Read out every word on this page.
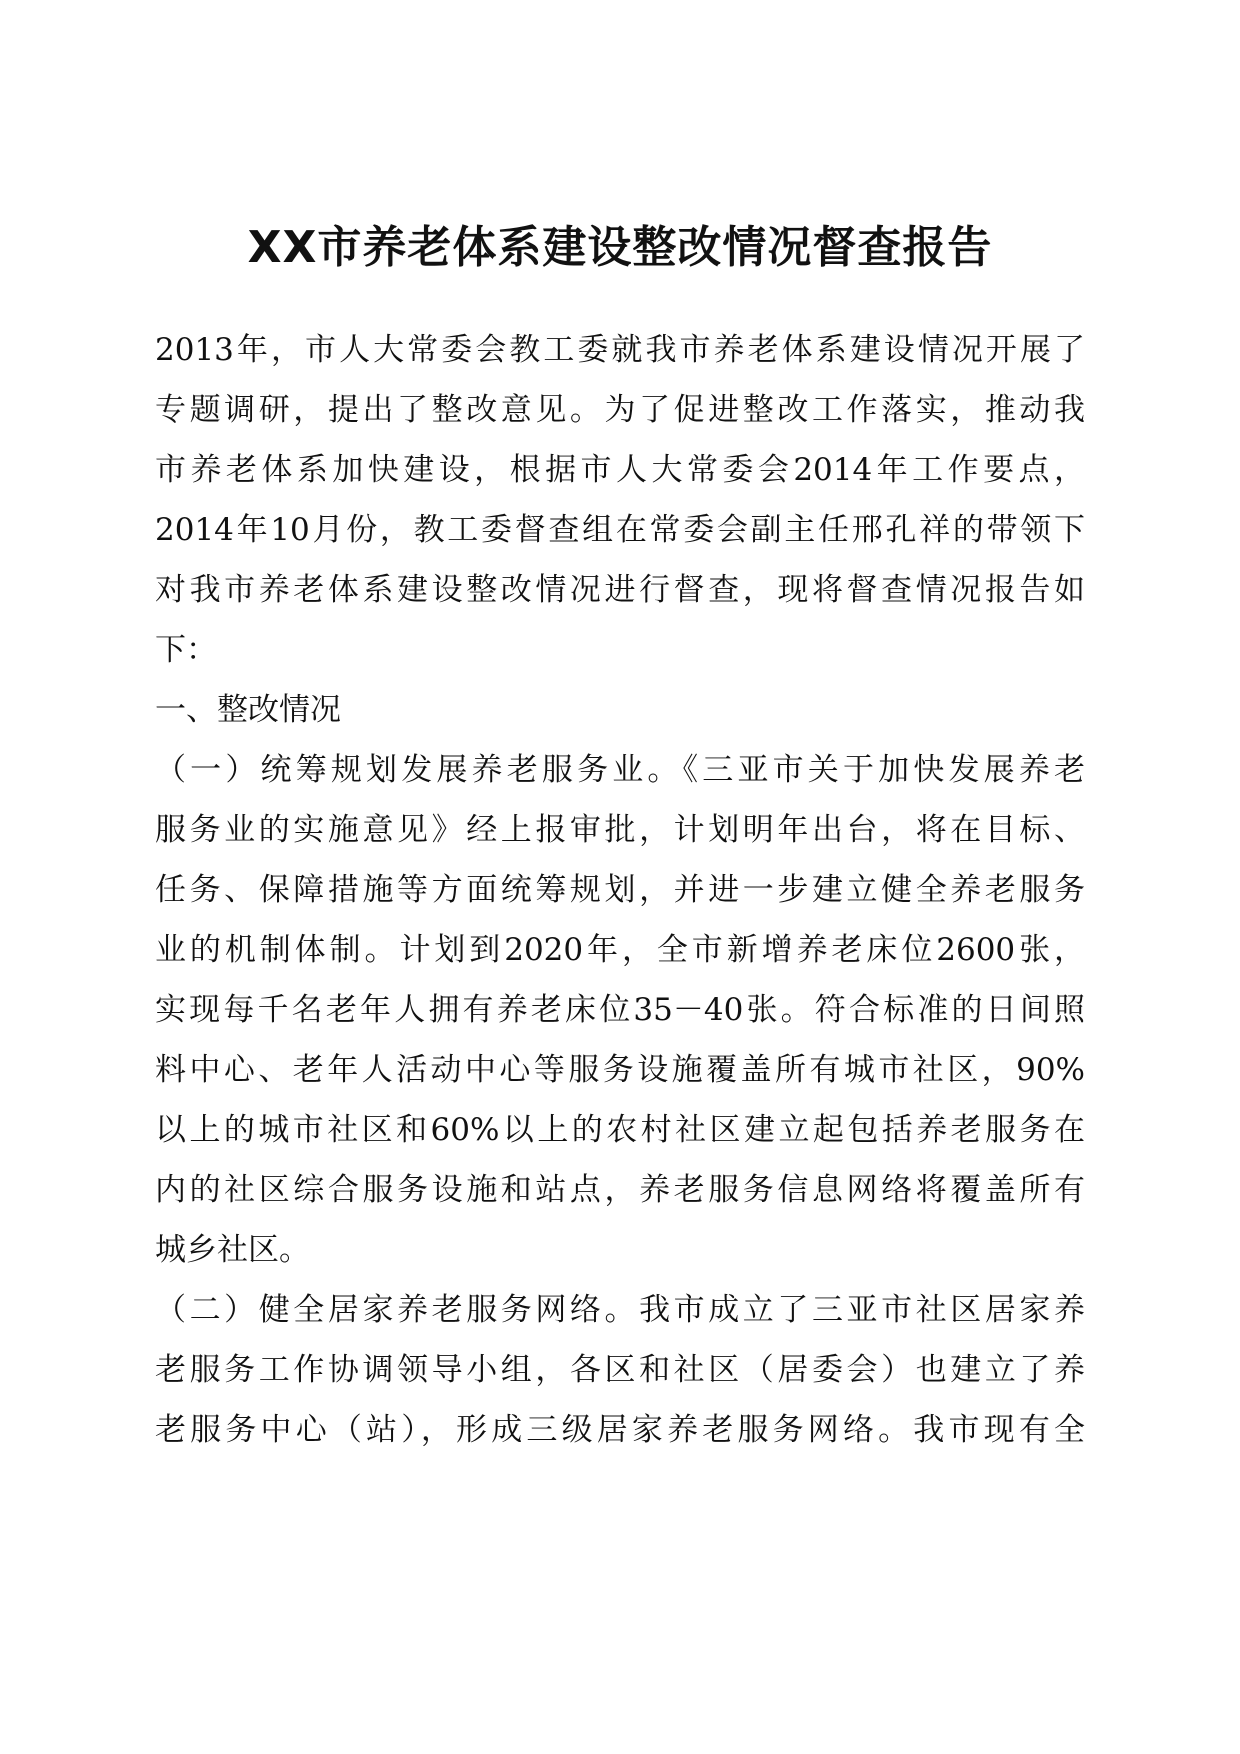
XX市养老体系建设整改情况督查报告
2013年，市人大常委会教工委就我市养老体系建设情况开展了
专题调研，提出了整改意见。为了促进整改工作落实，推动我
市养老体系加快建设，根据市人大常委会2014年工作要点，
2014年10月份，教工委督查组在常委会副主任邢孔祥的带领下
对我市养老体系建设整改情况进行督查，现将督查情况报告如
下：
一、整改情况
（一）统筹规划发展养老服务业。《三亚市关于加快发展养老
服务业的实施意见》经上报审批，计划明年出台，将在目标、
任务、保障措施等方面统筹规划，并进一步建立健全养老服务
业的机制体制。计划到2020年，全市新增养老床位2600张，
实现每千名老年人拥有养老床位35－40张。符合标准的日间照
料中心、老年人活动中心等服务设施覆盖所有城市社区，90%
以上的城市社区和60%以上的农村社区建立起包括养老服务在
内的社区综合服务设施和站点，养老服务信息网络将覆盖所有
城乡社区。
（二）健全居家养老服务网络。我市成立了三亚市社区居家养
老服务工作协调领导小组，各区和社区（居委会）也建立了养
老服务中心（站），形成三级居家养老服务网络。我市现有全
